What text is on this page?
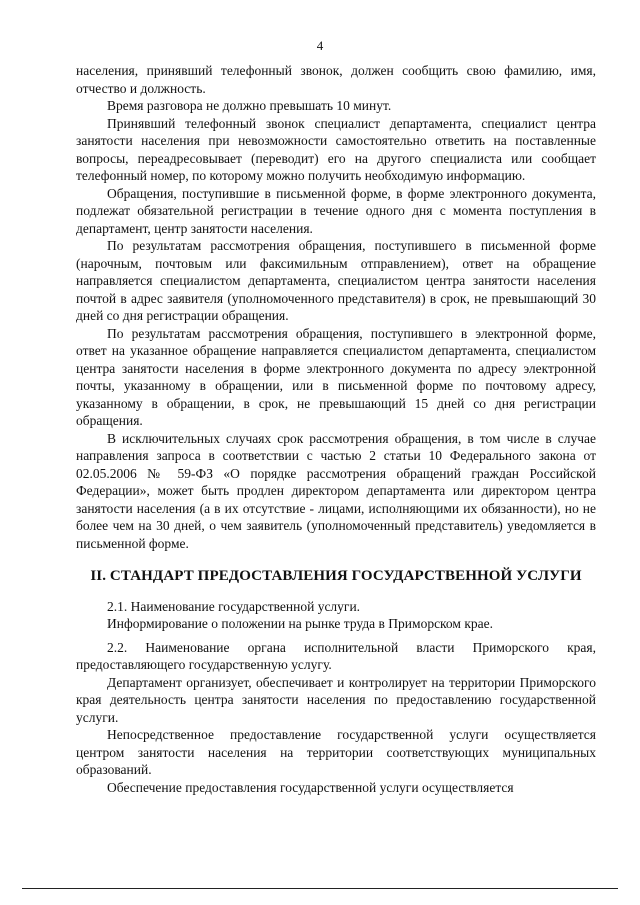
4

населения, принявший телефонный звонок, должен сообщить свою фамилию, имя, отчество и должность.

Время разговора не должно превышать 10 минут.

Принявший телефонный звонок специалист департамента, специалист центра занятости населения при невозможности самостоятельно ответить на поставленные вопросы, переадресовывает (переводит) его на другого специалиста или сообщает телефонный номер, по которому можно получить необходимую информацию.

Обращения, поступившие в письменной форме, в форме электронного документа, подлежат обязательной регистрации в течение одного дня с момента поступления в департамент, центр занятости населения.

По результатам рассмотрения обращения, поступившего в письменной форме (нарочным, почтовым или факсимильным отправлением), ответ на обращение направляется специалистом департамента, специалистом центра занятости населения почтой в адрес заявителя (уполномоченного представителя) в срок, не превышающий 30 дней со дня регистрации обращения.

По результатам рассмотрения обращения, поступившего в электронной форме, ответ на указанное обращение направляется специалистом департамента, специалистом центра занятости населения в форме электронного документа по адресу электронной почты, указанному в обращении, или в письменной форме по почтовому адресу, указанному в обращении, в срок, не превышающий 15 дней со дня регистрации обращения.

В исключительных случаях срок рассмотрения обращения, в том числе в случае направления запроса в соответствии с частью 2 статьи 10 Федерального закона от 02.05.2006 № 59-ФЗ «О порядке рассмотрения обращений граждан Российской Федерации», может быть продлен директором департамента или директором центра занятости населения (а в их отсутствие - лицами, исполняющими их обязанности), но не более чем на 30 дней, о чем заявитель (уполномоченный представитель) уведомляется в письменной форме.

II. СТАНДАРТ ПРЕДОСТАВЛЕНИЯ ГОСУДАРСТВЕННОЙ УСЛУГИ

2.1. Наименование государственной услуги.

Информирование о положении на рынке труда в Приморском крае.

2.2. Наименование органа исполнительной власти Приморского края, предоставляющего государственную услугу.

Департамент организует, обеспечивает и контролирует на территории Приморского края деятельность центра занятости населения по предоставлению государственной услуги.

Непосредственное предоставление государственной услуги осуществляется центром занятости населения на территории соответствующих муниципальных образований.

Обеспечение предоставления государственной услуги осуществляется
